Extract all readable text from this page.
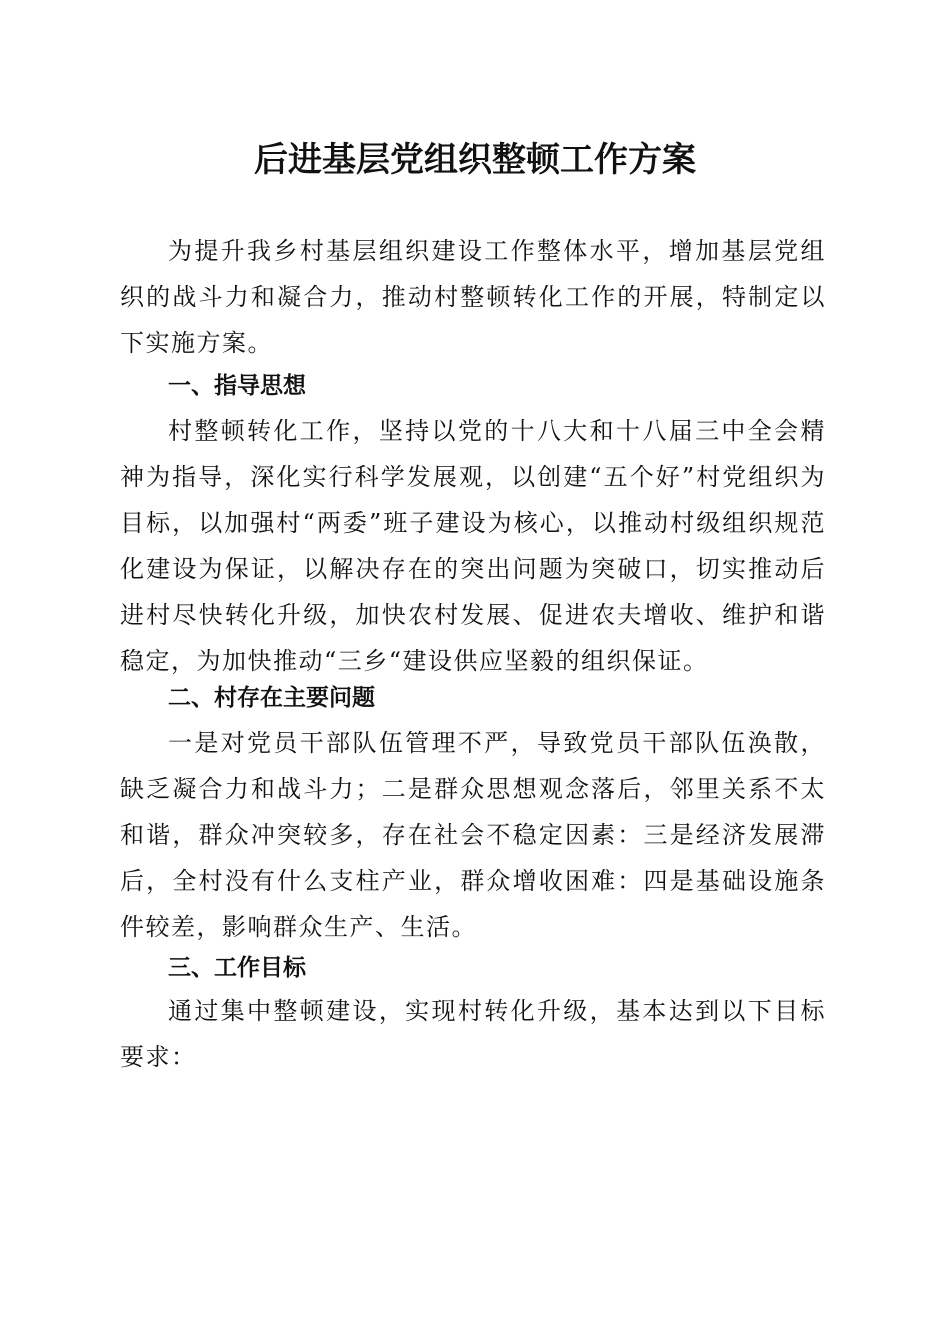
后进基层党组织整顿工作方案

为提升我乡村基层组织建设工作整体水平，增加基层党组织的战斗力和凝合力，推动村整顿转化工作的开展，特制定以下实施方案。

一、指导思想

村整顿转化工作，坚持以党的十八大和十八届三中全会精神为指导，深化实行科学发展观，以创建“五个好”村党组织为目标，以加强村“两委”班子建设为核心，以推动村级组织规范化建设为保证，以解决存在的突出问题为突破口，切实推动后进村尽快转化升级，加快农村发展、促进农夫增收、维护和谐稳定，为加快推动“三乡“建设供应坚毅的组织保证。

二、村存在主要问题

一是对党员干部队伍管理不严，导致党员干部队伍涣散，缺乏凝合力和战斗力；二是群众思想观念落后，邻里关系不太和谐，群众冲突较多，存在社会不稳定因素：三是经济发展滞后，全村没有什么支柱产业，群众增收困难：四是基础设施条件较差，影响群众生产、生活。

三、工作目标

通过集中整顿建设，实现村转化升级，基本达到以下目标要求：
